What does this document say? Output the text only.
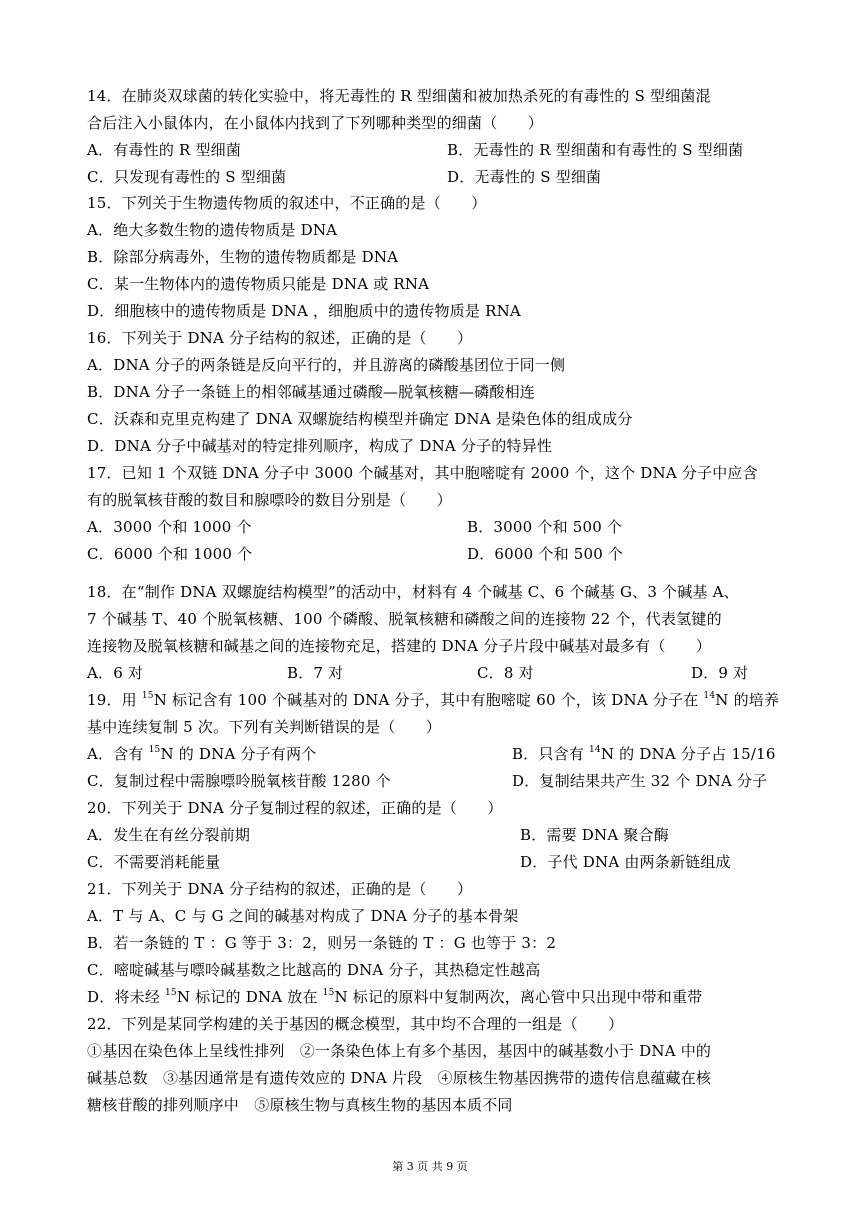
14．在肺炎双球菌的转化实验中，将无毒性的 R 型细菌和被加热杀死的有毒性的 S 型细菌混
合后注入小鼠体内，在小鼠体内找到了下列哪种类型的细菌（　　）
A．有毒性的 R 型细菌	B．无毒性的 R 型细菌和有毒性的 S 型细菌
C．只发现有毒性的 S 型细菌	D．无毒性的 S 型细菌
15．下列关于生物遗传物质的叙述中，不正确的是（　　）
A．绝大多数生物的遗传物质是 DNA
B．除部分病毒外，生物的遗传物质都是 DNA
C．某一生物体内的遗传物质只能是 DNA 或 RNA
D．细胞核中的遗传物质是 DNA ，细胞质中的遗传物质是 RNA
16．下列关于 DNA 分子结构的叙述，正确的是（　　）
A．DNA 分子的两条链是反向平行的，并且游离的磷酸基团位于同一侧
B．DNA 分子一条链上的相邻碱基通过磷酸—脱氧核糖—磷酸相连
C．沃森和克里克构建了 DNA 双螺旋结构模型并确定 DNA 是染色体的组成成分
D．DNA 分子中碱基对的特定排列顺序，构成了 DNA 分子的特异性
17．已知 1 个双链 DNA 分子中 3000 个碱基对，其中胞嘧啶有 2000 个，这个 DNA 分子中应含
有的脱氧核苷酸的数目和腺嘌呤的数目分别是（　　）
A．3000 个和 1000 个	B．3000 个和 500 个
C．6000 个和 1000 个	D．6000 个和 500 个
18．在“制作 DNA 双螺旋结构模型”的活动中，材料有 4 个碱基 C、6 个碱基 G、3 个碱基 A、
7 个碱基 T、40 个脱氧核糖、100 个磷酸、脱氧核糖和磷酸之间的连接物 22 个，代表氢键的
连接物及脱氧核糖和碱基之间的连接物充足，搭建的 DNA 分子片段中碱基对最多有（　　）
A．6 对	B．7 对	C．8 对	D．9 对
19．用 $^{15}$N 标记含有 100 个碱基对的 DNA 分子，其中有胞嘧啶 60 个，该 DNA 分子在 $^{14}$N 的培养
基中连续复制 5 次。下列有关判断错误的是（　　）
A．含有 $^{15}$N 的 DNA 分子有两个	B．只含有 $^{14}$N 的 DNA 分子占 15/16
C．复制过程中需腺嘌呤脱氧核苷酸 1280 个	D．复制结果共产生 32 个 DNA 分子
20．下列关于 DNA 分子复制过程的叙述，正确的是（　　）
A．发生在有丝分裂前期	B．需要 DNA 聚合酶
C．不需要消耗能量	D．子代 DNA 由两条新链组成
21．下列关于 DNA 分子结构的叙述，正确的是（　　）
A．T 与 A、C 与 G 之间的碱基对构成了 DNA 分子的基本骨架
B．若一条链的 T ：G 等于 3：2，则另一条链的 T ：G 也等于 3：2
C．嘧啶碱基与嘌呤碱基数之比越高的 DNA 分子，其热稳定性越高
D．将未经 $^{15}$N 标记的 DNA 放在 $^{15}$N 标记的原料中复制两次，离心管中只出现中带和重带
22．下列是某同学构建的关于基因的概念模型，其中均不合理的一组是（　　）
①基因在染色体上呈线性排列　②一条染色体上有多个基因，基因中的碱基数小于 DNA 中的
碱基总数　③基因通常是有遗传效应的 DNA 片段　④原核生物基因携带的遗传信息蕴藏在核
糖核苷酸的排列顺序中　⑤原核生物与真核生物的基因本质不同
第 3 页 共 9 页
